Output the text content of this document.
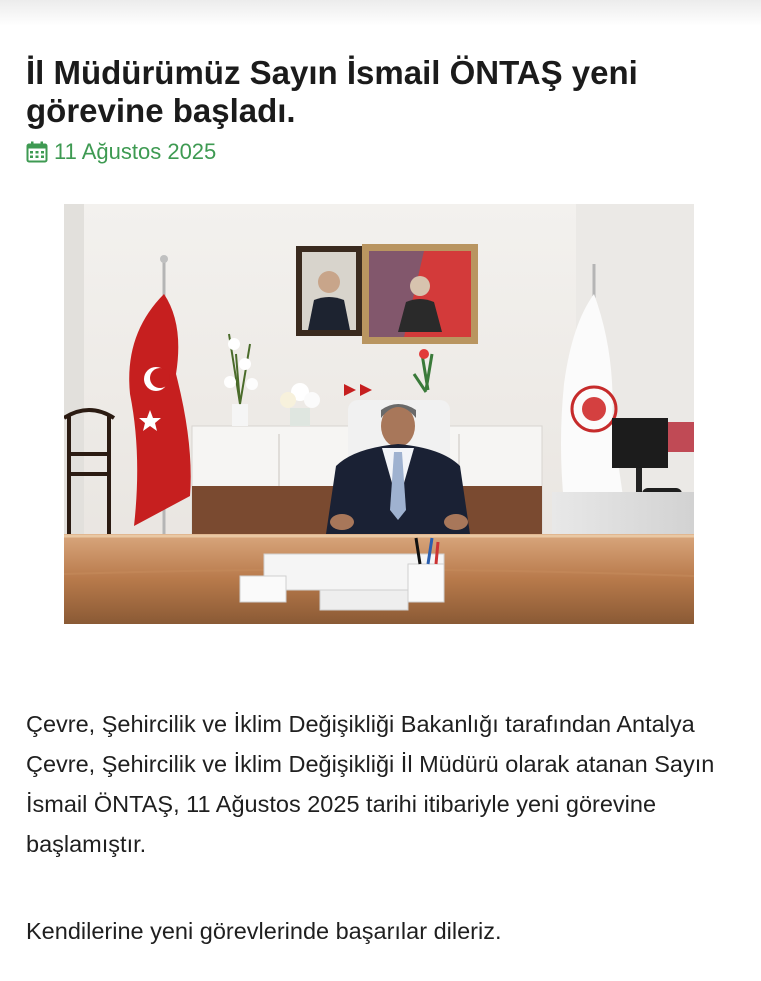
İl Müdürümüz Sayın İsmail ÖNTAŞ yeni görevine başladı.
11 Ağustos 2025

Çevre, Şehircilik ve İklim Değişikliği Bakanlığı tarafından Antalya Çevre, Şehircilik ve İklim Değişikliği İl Müdürü olarak atanan Sayın İsmail ÖNTAŞ, 11 Ağustos 2025 tarihi itibariyle yeni görevine başlamıştır.

Kendilerine yeni görevlerinde başarılar dileriz.
